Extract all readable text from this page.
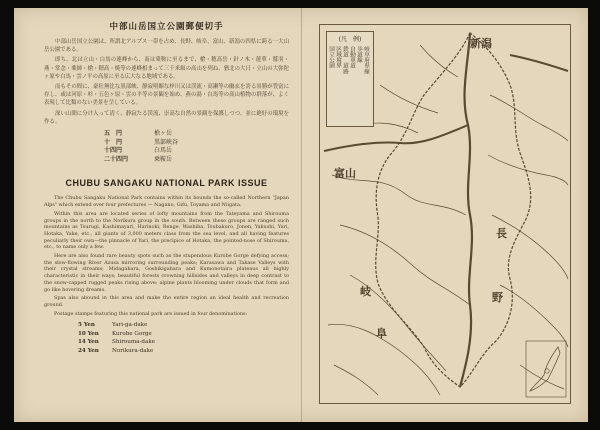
中部山岳国立公園郵便切手

中部山岳国立公園は、所謂北アルプス一帯を占め、長野、岐阜、富山、新潟の四県に跨る一大山岳公園である。

即ち、北は立山・白馬の連峰から、南は乗鞍に至るまで、槍・穂高岳・針ノ木・蓮華・鷲羽・燕・常念・薬師・槍・穂高・焼等の連峰相まって三千米級の高山を列ね、猶北の大日・立山の大弥陀ヶ原や白馬・雲ノ平の高原に至る広大なる地域である。

而もその間に、豪壮無比な黒部峡、静寂明媚な梓川又は渓流・高瀬等の幽玄を誇る景勝が豊富に存し、或は河原・杉・五色ヶ原・雲の平等の景観を始め、燕の湯・白馬等の高山植物の群落が、よく表現して比類のない美景を呈している。

深い山間に分け入って清く、静寂たる渓流、崇高な自然の景観を保護しつつ、並に絶好の環境を作る。

五　円	槍ヶ岳
十　円	黒部峡谷
十四円	白馬岳
二十四円	乗鞍岳
CHUBU SANGAKU NATIONAL PARK ISSUE

The Chubu Sangaku National Park contains within its bounds the so-called Northern "Japan Alps" which extend over four prefectures — Nagano, Gifu, Toyama and Niigata.

Within this area are located series of lofty mountains from the Tateyama and Shirouma groups in the north to the Norikura group in the south. Between these groups are ranged such mountains as Tsurugi, Kashimayari, Harinoki, Renge, Washiba, Tsubakuro, Jonen, Yakushi, Yari, Hotaka, Yake, etc., all giants of 3,000 meters class from the sea level, and all having features peculiarly their own—the pinnacle of Yari, the precipice of Hotaka, the pointed-nose of Shirouma, etc., to name only a few.

Here are also found rare beauty spots such as the stupendous Kurobe Gorge defying access; the slow-flowing River Azusa mirroring surrounding peaks; Karasawa and Takase Valleys with their crystal streams; Midagahara, Goshikigahara and Kumonotaira plateaus all highly characteristic in their ways; beautiful forests crowning hillsides and valleys in deep contrast to the snow-capped rugged peaks rising above; alpine plants blooming under clouds that form and go like hovering dreams.

Spas also abound in this area and make the entire region an ideal health and recreation ground.

Postage stamps featuring this national park are issued in four denominations:

5 Yen	Yari-ga-dake
10 Yen	Kurobe Gorge
14 Yen	Shirouma-dake
24 Yen	Norikura-dake
(凡　例)
岐阜府県線
歩道線
自動車道
鉄道　道路
区域境界
国立公園
新潟
富山
長
岐	野
阜
